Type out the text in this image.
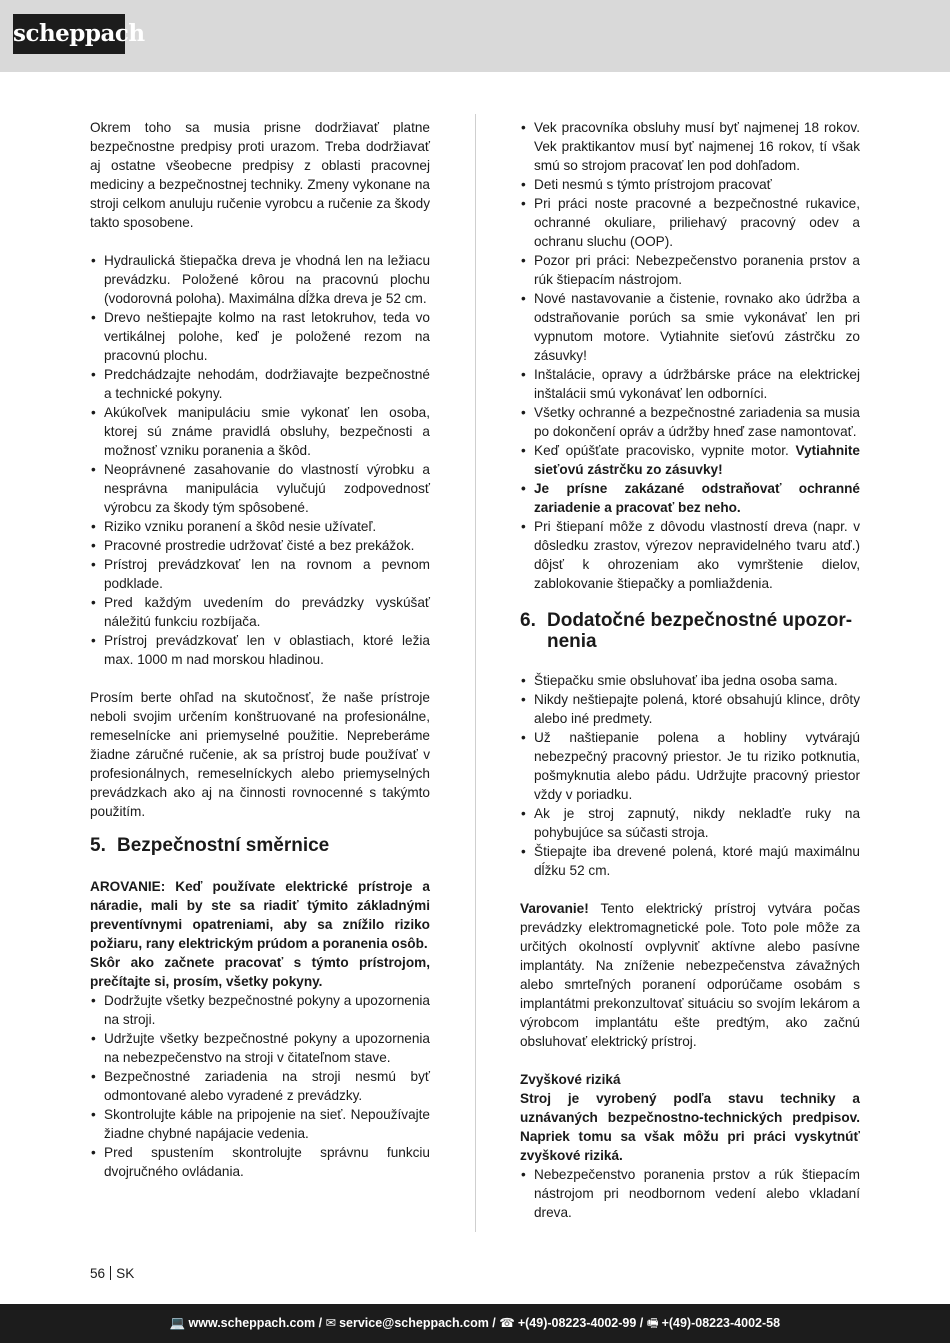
scheppach

Okrem toho sa musia prisne dodržiavať platne bezpečnostne predpisy proti urazom. Treba dodržiavať aj ostatne všeobecne predpisy z oblasti pracovnej mediciny a bezpečnostnej techniky. Zmeny vykonane na stroji celkom anuluju ručenie vyrobcu a ručenie za škody takto sposobene.

• Hydraulická štiepačka dreva je vhodná len na ležiacu prevádzku. Položené kôrou na pracovnú plochu (vodorovná poloha). Maximálna dĺžka dreva je 52 cm.
• Drevo neštiepajte kolmo na rast letokruhov, teda vo vertikálnej polohe, keď je položené rezom na pracovnú plochu.
• Predchádzajte nehodám, dodržiavajte bezpečnostné a technické pokyny.
• Akúkoľvek manipuláciu smie vykonať len osoba, ktorej sú známe pravidlá obsluhy, bezpečnosti a možnosť vzniku poranenia a škôd.
• Neoprávnené zasahovanie do vlastností výrobku a nesprávna manipulácia vylučujú zodpovednosť výrobcu za škody tým spôsobené.
• Riziko vzniku poranení a škôd nesie užívateľ.
• Pracovné prostredie udržovať čisté a bez prekážok.
• Prístroj prevádzkovať len na rovnom a pevnom podklade.
• Pred každým uvedením do prevádzky vyskúšať náležitú funkciu rozbíjača.
• Prístroj prevádzkovať len v oblastiach, ktoré ležia max. 1000 m nad morskou hladinou.

Prosím berte ohľad na skutočnosť, že naše prístroje neboli svojim určením konštruované na profesionálne, remeselnícke ani priemyselné použitie. Nepreberáme žiadne záručné ručenie, ak sa prístroj bude používať v profesionálnych, remeselníckych alebo priemyselných prevádzkach ako aj na činnosti rovnocenné s takýmto použitím.

5. Bezpečnostní směrnice

AROVANIE: Keď používate elektrické prístroje a náradie, mali by ste sa riadiť týmito základnými preventívnymi opatreniami, aby sa znížilo riziko požiaru, rany elektrickým prúdom a poranenia osôb.

Skôr ako začnete pracovať s týmto prístrojom, prečítajte si, prosím, všetky pokyny.

• Dodržujte všetky bezpečnostné pokyny a upozornenia na stroji.
• Udržujte všetky bezpečnostné pokyny a upozornenia na nebezpečenstvo na stroji v čitateľnom stave.
• Bezpečnostné zariadenia na stroji nesmú byť odmontované alebo vyradené z prevádzky.
• Skontrolujte káble na pripojenie na sieť. Nepoužívajte žiadne chybné napájacie vedenia.
• Pred spustením skontrolujte správnu funkciu dvojručného ovládania.
• Vek pracovníka obsluhy musí byť najmenej 18 rokov. Vek praktikantov musí byť najmenej 16 rokov, tí však smú so strojom pracovať len pod dohľadom.
• Deti nesmú s týmto prístrojom pracovať
• Pri práci noste pracovné a bezpečnostné rukavice, ochranné okuliare, priliehavý pracovný odev a ochranu sluchu (OOP).
• Pozor pri práci: Nebezpečenstvo poranenia prstov a rúk štiepacím nástrojom.
• Nové nastavovanie a čistenie, rovnako ako údržba a odstraňovanie porúch sa smie vykonávať len pri vypnutom motore. Vytiahnite sieťovú zástrčku zo zásuvky!
• Inštalácie, opravy a údržbárske práce na elektrickej inštalácii smú vykonávať len odborníci.
• Všetky ochranné a bezpečnostné zariadenia sa musia po dokončení opráv a údržby hneď zase namontovať.
• Keď opúšťate pracovisko, vypnite motor. Vytiahnite sieťovú zástrčku zo zásuvky!
• Je prísne zakázané odstraňovať ochranné zariadenie a pracovať bez neho.
• Pri štiepaní môže z dôvodu vlastností dreva (napr. v dôsledku zrastov, výrezov nepravidelného tvaru atď.) dôjsť k ohrozeniam ako vymrštenie dielov, zablokovanie štiepačky a pomliaždenia.
6. Dodatočné bezpečnostné upozor-
nenia
• Štiepačku smie obsluhovať iba jedna osoba sama.
• Nikdy neštiepajte polená, ktoré obsahujú klince, drôty alebo iné predmety.
• Už naštiepanie polena a hobliny vytvárajú nebezpečný pracovný priestor. Je tu riziko potknutia, pošmyknutia alebo pádu. Udržujte pracovný priestor vždy v poriadku.
• Ak je stroj zapnutý, nikdy nekladťe ruky na pohybujúce sa súčasti stroja.
• Štiepajte iba drevené polená, ktoré majú maximálnu dĺžku 52 cm.

Varovanie! Tento elektrický prístroj vytvára počas prevádzky elektromagnetické pole. Toto pole môže za určitých okolností ovplyvniť aktívne alebo pasívne implantáty. Na zníženie nebezpečenstva závažných alebo smrteľných poranení odporúčame osobám s implantátmi prekonzultovať situáciu so svojím lekárom a výrobcom implantátu ešte predtým, ako začnú obsluhovať elektrický prístroj.

Zvyškové riziká

Stroj je vyrobený podľa stavu techniky a uznávaných bezpečnostno-technických predpisov. Napriek tomu sa však môžu pri práci vyskytnúť zvyškové riziká.

• Nebezpečenstvo poranenia prstov a rúk štiepacím nástrojom pri neodbornom vedení alebo vkladaní dreva.
56 SK
💻 www.scheppach.com / ✉ service@scheppach.com / ☎ +(49)-08223-4002-99 / 🖷 +(49)-08223-4002-58
